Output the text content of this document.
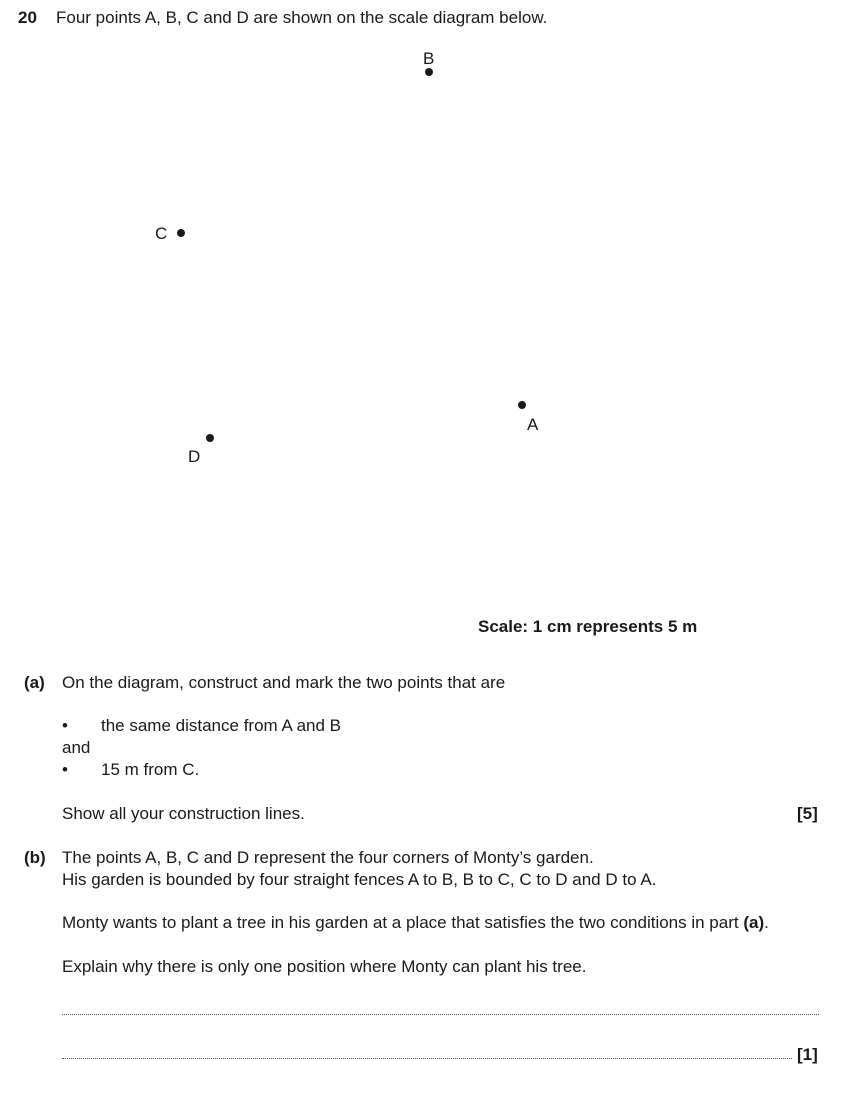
20 Four points A, B, C and D are shown on the scale diagram below.
B
C
A
D
Scale: 1 cm represents 5 m
(a) On the diagram, construct and mark the two points that are
• the same distance from A and B
and
• 15 m from C.
Show all your construction lines.	[5]
(b) The points A, B, C and D represent the four corners of Monty’s garden.
His garden is bounded by four straight fences A to B, B to C, C to D and D to A.
Monty wants to plant a tree in his garden at a place that satisfies the two conditions in part (a).
Explain why there is only one position where Monty can plant his tree.
[1]
